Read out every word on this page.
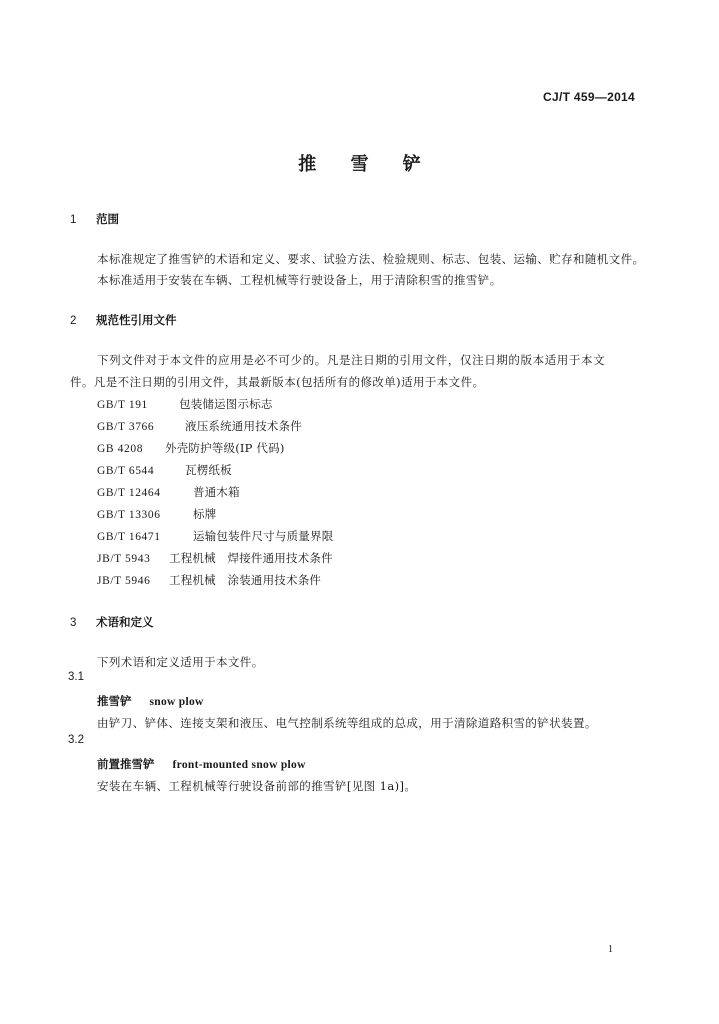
CJ/T 459—2014
推 雪 铲
1 范围
本标准规定了推雪铲的术语和定义、要求、试验方法、检验规则、标志、包装、运输、贮存和随机文件。
本标准适用于安装在车辆、工程机械等行驶设备上，用于清除积雪的推雪铲。
2 规范性引用文件
下列文件对于本文件的应用是必不可少的。凡是注日期的引用文件，仅注日期的版本适用于本文
件。凡是不注日期的引用文件，其最新版本(包括所有的修改单)适用于本文件。
GB/T 191	包装储运图示标志
GB/T 3766	液压系统通用技术条件
GB 4208 外壳防护等级(IP 代码)
GB/T 6544	瓦楞纸板
GB/T 12464	普通木箱
GB/T 13306	标牌
GB/T 16471	运输包装件尺寸与质量界限
JB/T 5943 工程机械　焊接件通用技术条件
JB/T 5946 工程机械　涂装通用技术条件
3 术语和定义
下列术语和定义适用于本文件。
3.1
推雪铲 snow plow
由铲刀、铲体、连接支架和液压、电气控制系统等组成的总成，用于清除道路积雪的铲状装置。
3.2
前置推雪铲 front-mounted snow plow
安装在车辆、工程机械等行驶设备前部的推雪铲[见图 1a)]。
1
